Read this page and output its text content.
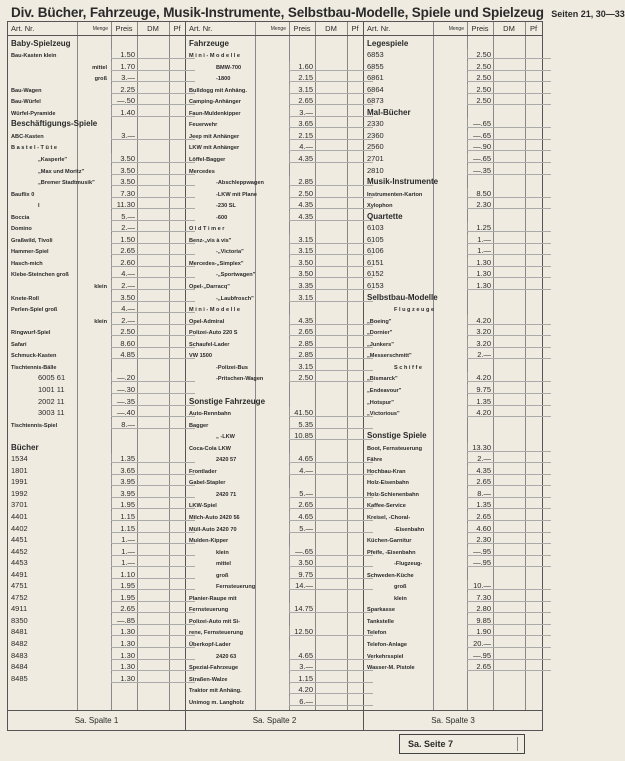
Div. Bücher, Fahrzeuge, Musik-Instrumente, Selbstbau-Modelle, Spiele und Spielzeug Seiten 21, 30—33
Art. Nr.	Menge Preis	DM	Pf
Baby-Spielzeug
Bau-Kasten klein	1.50
mittel	1.70
groß	3.—
Bau-Wagen	2.25
Bau-Würfel	—.50
Würfel-Pyramide	1.40
Beschäftigungs-Spiele
ABC-Kasten	3.—
B a s t e l - T ü t e
„Kasperle"	3.50
„Max und Moritz"	3.50
„Bremer Stadtmusik"	3.50
Bauflix 0	7.30
I	11.30
Boccia	5.—
Domino	2.—
Graßwild, Tivoli	1.50
Hammer-Spiel	2.65
Hasch-mich	2.60
Klebe-Steinchen groß	4.—
klein	2.—
Knete-Roll	3.50
Perlen-Spiel groß	4.—
klein	2.—
Ringwurf-Spiel	2.50
Safari	8.60
Schmuck-Kasten	4.85
Tischtennis-Bälle
6005 61	—.20
1001 11	—.30
2002 11	—.35
3003 11	—.40
Tischtennis-Spiel	8.—
Bücher
1534	1.35
1801	3.65
1991	3.95
1992	3.95
3701	1.95
4401	1.15
4402	1.15
4451	1.—
4452	1.—
4453	1.—
4491	1.10
4751	1.95
4752	1.95
4911	2.65
8350	—.85
8481	1.30
8482	1.30
8483	1.30
8484	1.30
8485	1.30
Sa. Spalte 1
Art. Nr.	Menge Preis	DM	Pf
Fahrzeuge
M i n i - M o d e l l e
BMW-700	1.60
-1800	2.15
Bulldogg mit Anhäng.	3.15
Camping-Anhänger	2.65
Faun-Muldenkipper	3.—
Feuerwehr	3.65
Jeep mit Anhänger	2.15
LKW mit Anhänger	4.—
Löffel-Bagger	4.35
Mercedes
-Abschleppwagen	2.85
-LKW mit Plane	2.50
-230 SL	4.35
-600	4.35
O l d T i m e r
Benz-„vis à vis"	3.15
-„Victoria"	3.15
Mercedes-„Simplex"	3.50
-„Sportwagen"	3.50
Opel-„Darracq"	3.35
-„Laubfrosch"	3.15
M i n i - M o d e l l e
Opel-Admiral	4.35
Polizei-Auto 220 S	2.65
Schaufel-Lader	2.85
VW 1500	2.85
-Polizei-Bus	3.15
-Pritschen-Wagen	2.50
Sonstige Fahrzeuge
Auto-Rennbahn	41.50
Bagger	5.35
„ -LKW	10.85
Coca-Cola LKW
2420 57	4.65
Frontlader	4.—
Gabel-Stapler
2420 71	5.—
LKW-Spiel	2.65
Milch-Auto 2420 56	4.65
Müll-Auto 2420 70	5.—
Mulden-Kipper
klein	—.65
mittel	3.50
groß	9.75
Fernsteuerung	14.—
Planier-Raupe mit
Fernsteuerung	14.75
Polizei-Auto mit Si-
rene, Fernsteuerung	12.50
Überkopf-Lader
2420 63	4.65
Spezial-Fahrzeuge	3.—
Straßen-Walze	1.15
Traktor mit Anhäng.	4.20
Unimog m. Langholz	6.—
Sa. Spalte 2
Art. Nr.	Menge Preis	DM	Pf
Legespiele
6853	2.50
6855	2.50
6861	2.50
6864	2.50
6873	2.50
Mal-Bücher
2330	—.65
2360	—.65
2560	—.90
2701	—.65
2810	—.35
Musik-Instrumente
Instrumenten-Karton	8.50
Xylophon	2.30
Quartette
6103	1.25
6105	1.—
6106	1.—
6151	1.30
6152	1.30
6153	1.30
Selbstbau-Modelle
F l u g z e u g e
„Boeing"	4.20
„Dornier"	3.20
„Junkers"	3.20
„Messerschmitt"	2.—
S c h i f f e
„Bismarck"	4.20
„Endeavour"	9.75
„Hotspur"	1.35
„Victorious"	4.20
Sonstige Spiele
Boot, Fernsteuerung	13.30
Fähre	2.—
Hochbau-Kran	4.35
Holz-Eisenbahn	2.65
Holz-Schienenbahn	8.—
Kaffee-Service	1.35
Kreisel, -Choral-	2.65
-Eisenbahn	4.60
Küchen-Garnitur	2.30
Pfeife, -Eisenbahn	—.95
-Flugzeug-	—.95
Schweden-Küche
groß	10.—
klein	7.30
Sparkasse	2.80
Tankstelle	9.85
Telefon	1.90
Telefon-Anlage	20.—
Verkehrsspiel	—.95
Wasser-M. Pistole	2.65
Sa. Spalte 3
Sa. Seite 7
